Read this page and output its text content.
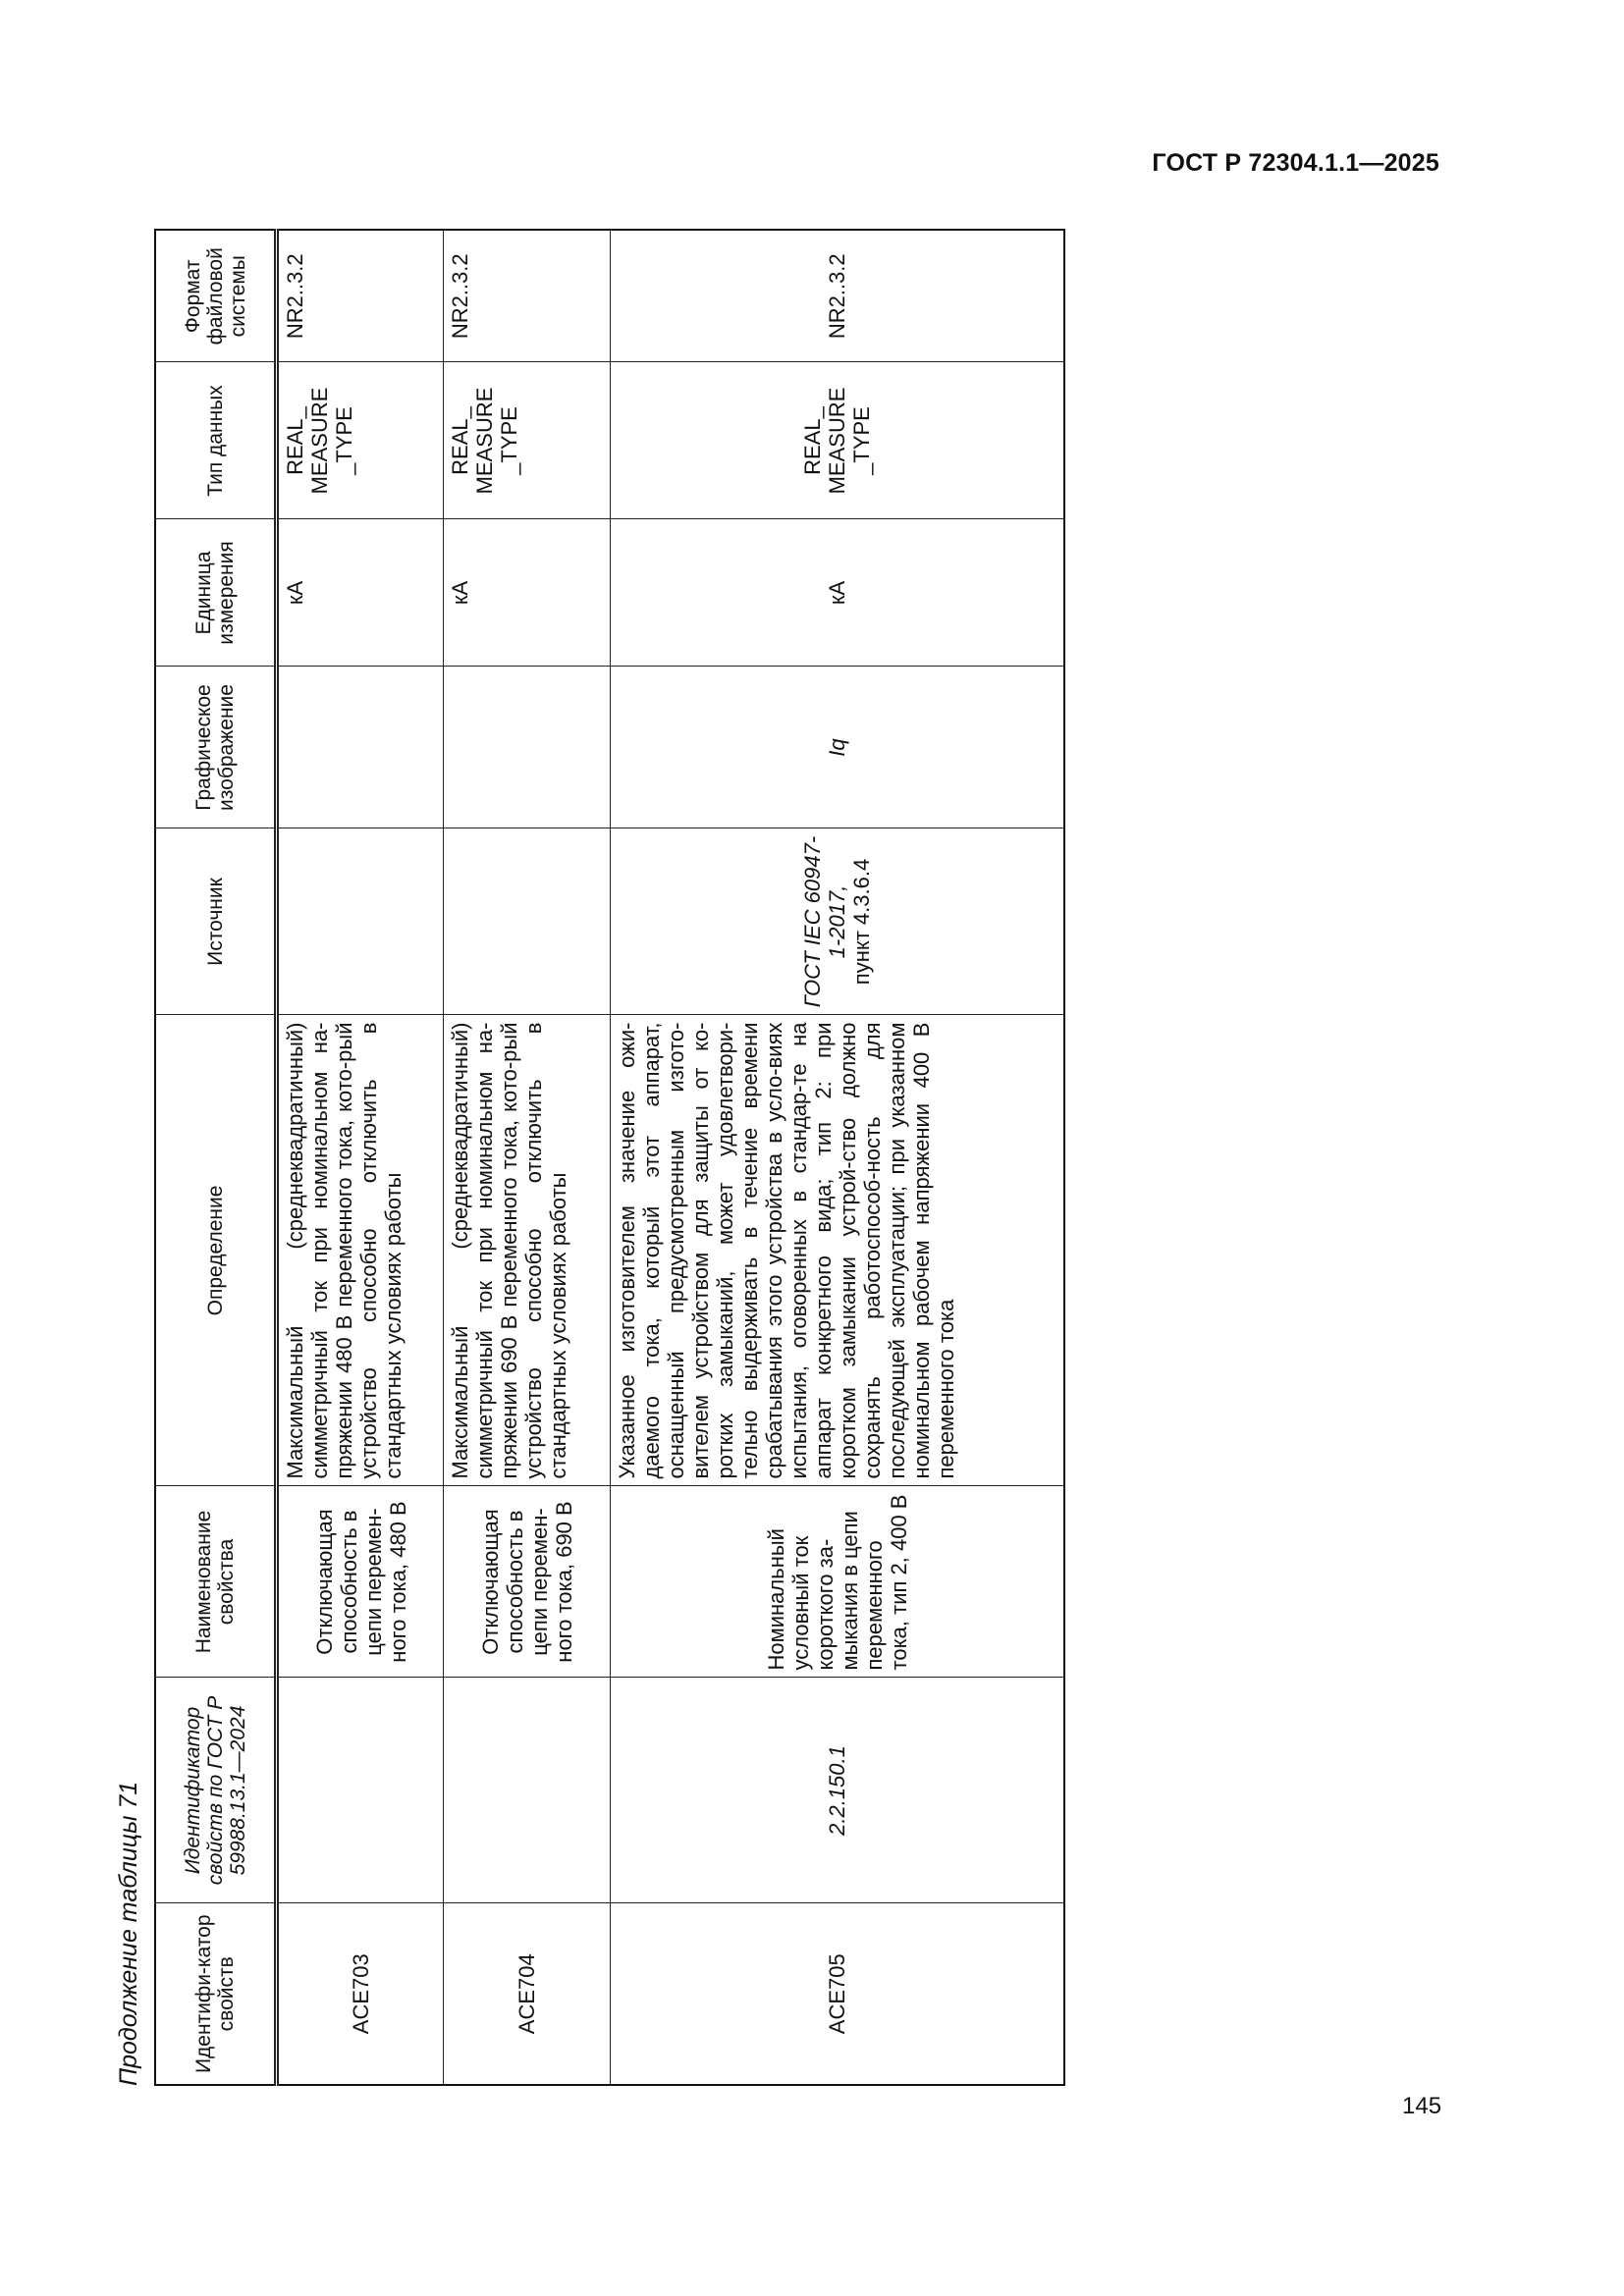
ГОСТ Р 72304.1.1—2025
Продолжение таблицы 71	Идентифи-катор свойств	Идентификатор свойств по ГОСТ Р 59988.13.1—2024	Наименование свойства	Определение	Источник	Графическое изображение	Единица измерения	Тип данных	Формат файловой системы
ACE703		Отключающая способность в цепи перемен-ного тока, 480 В	Максимальный (среднеквадратичный) симметричный ток при номинальном на-пряжении 480 В переменного тока, кото-рый устройство способно отключить в стандартных условиях работы			кА	REAL_ MEASURE _TYPE	NR2..3.2
ACE704		Отключающая способность в цепи перемен-ного тока, 690 В	Максимальный (среднеквадратичный) симметричный ток при номинальном на-пряжении 690 В переменного тока, кото-рый устройство способно отключить в стандартных условиях работы			кА	REAL_ MEASURE _TYPE	NR2..3.2
ACE705	2.2.150.1	Номинальный условный ток короткого за-мыкания в цепи переменного тока, тип 2, 400 В	Указанное изготовителем значение ожи-даемого тока, который этот аппарат, оснащенный предусмотренным изгото-вителем устройством для защиты от ко-ротких замыканий, может удовлетвори-тельно выдерживать в течение времени срабатывания этого устройства в усло-виях испытания, оговоренных в стандар-те на аппарат конкретного вида; тип 2: при коротком замыкании устрой-ство должно сохранять работоспособ-ность для последующей эксплуатации; при указанном номинальном рабочем напряжении 400 В переменного тока	ГОСТ IEC 60947-1-2017, пункт 4.3.6.4	Iq	кА	REAL_ MEASURE _TYPE	NR2..3.2
145
